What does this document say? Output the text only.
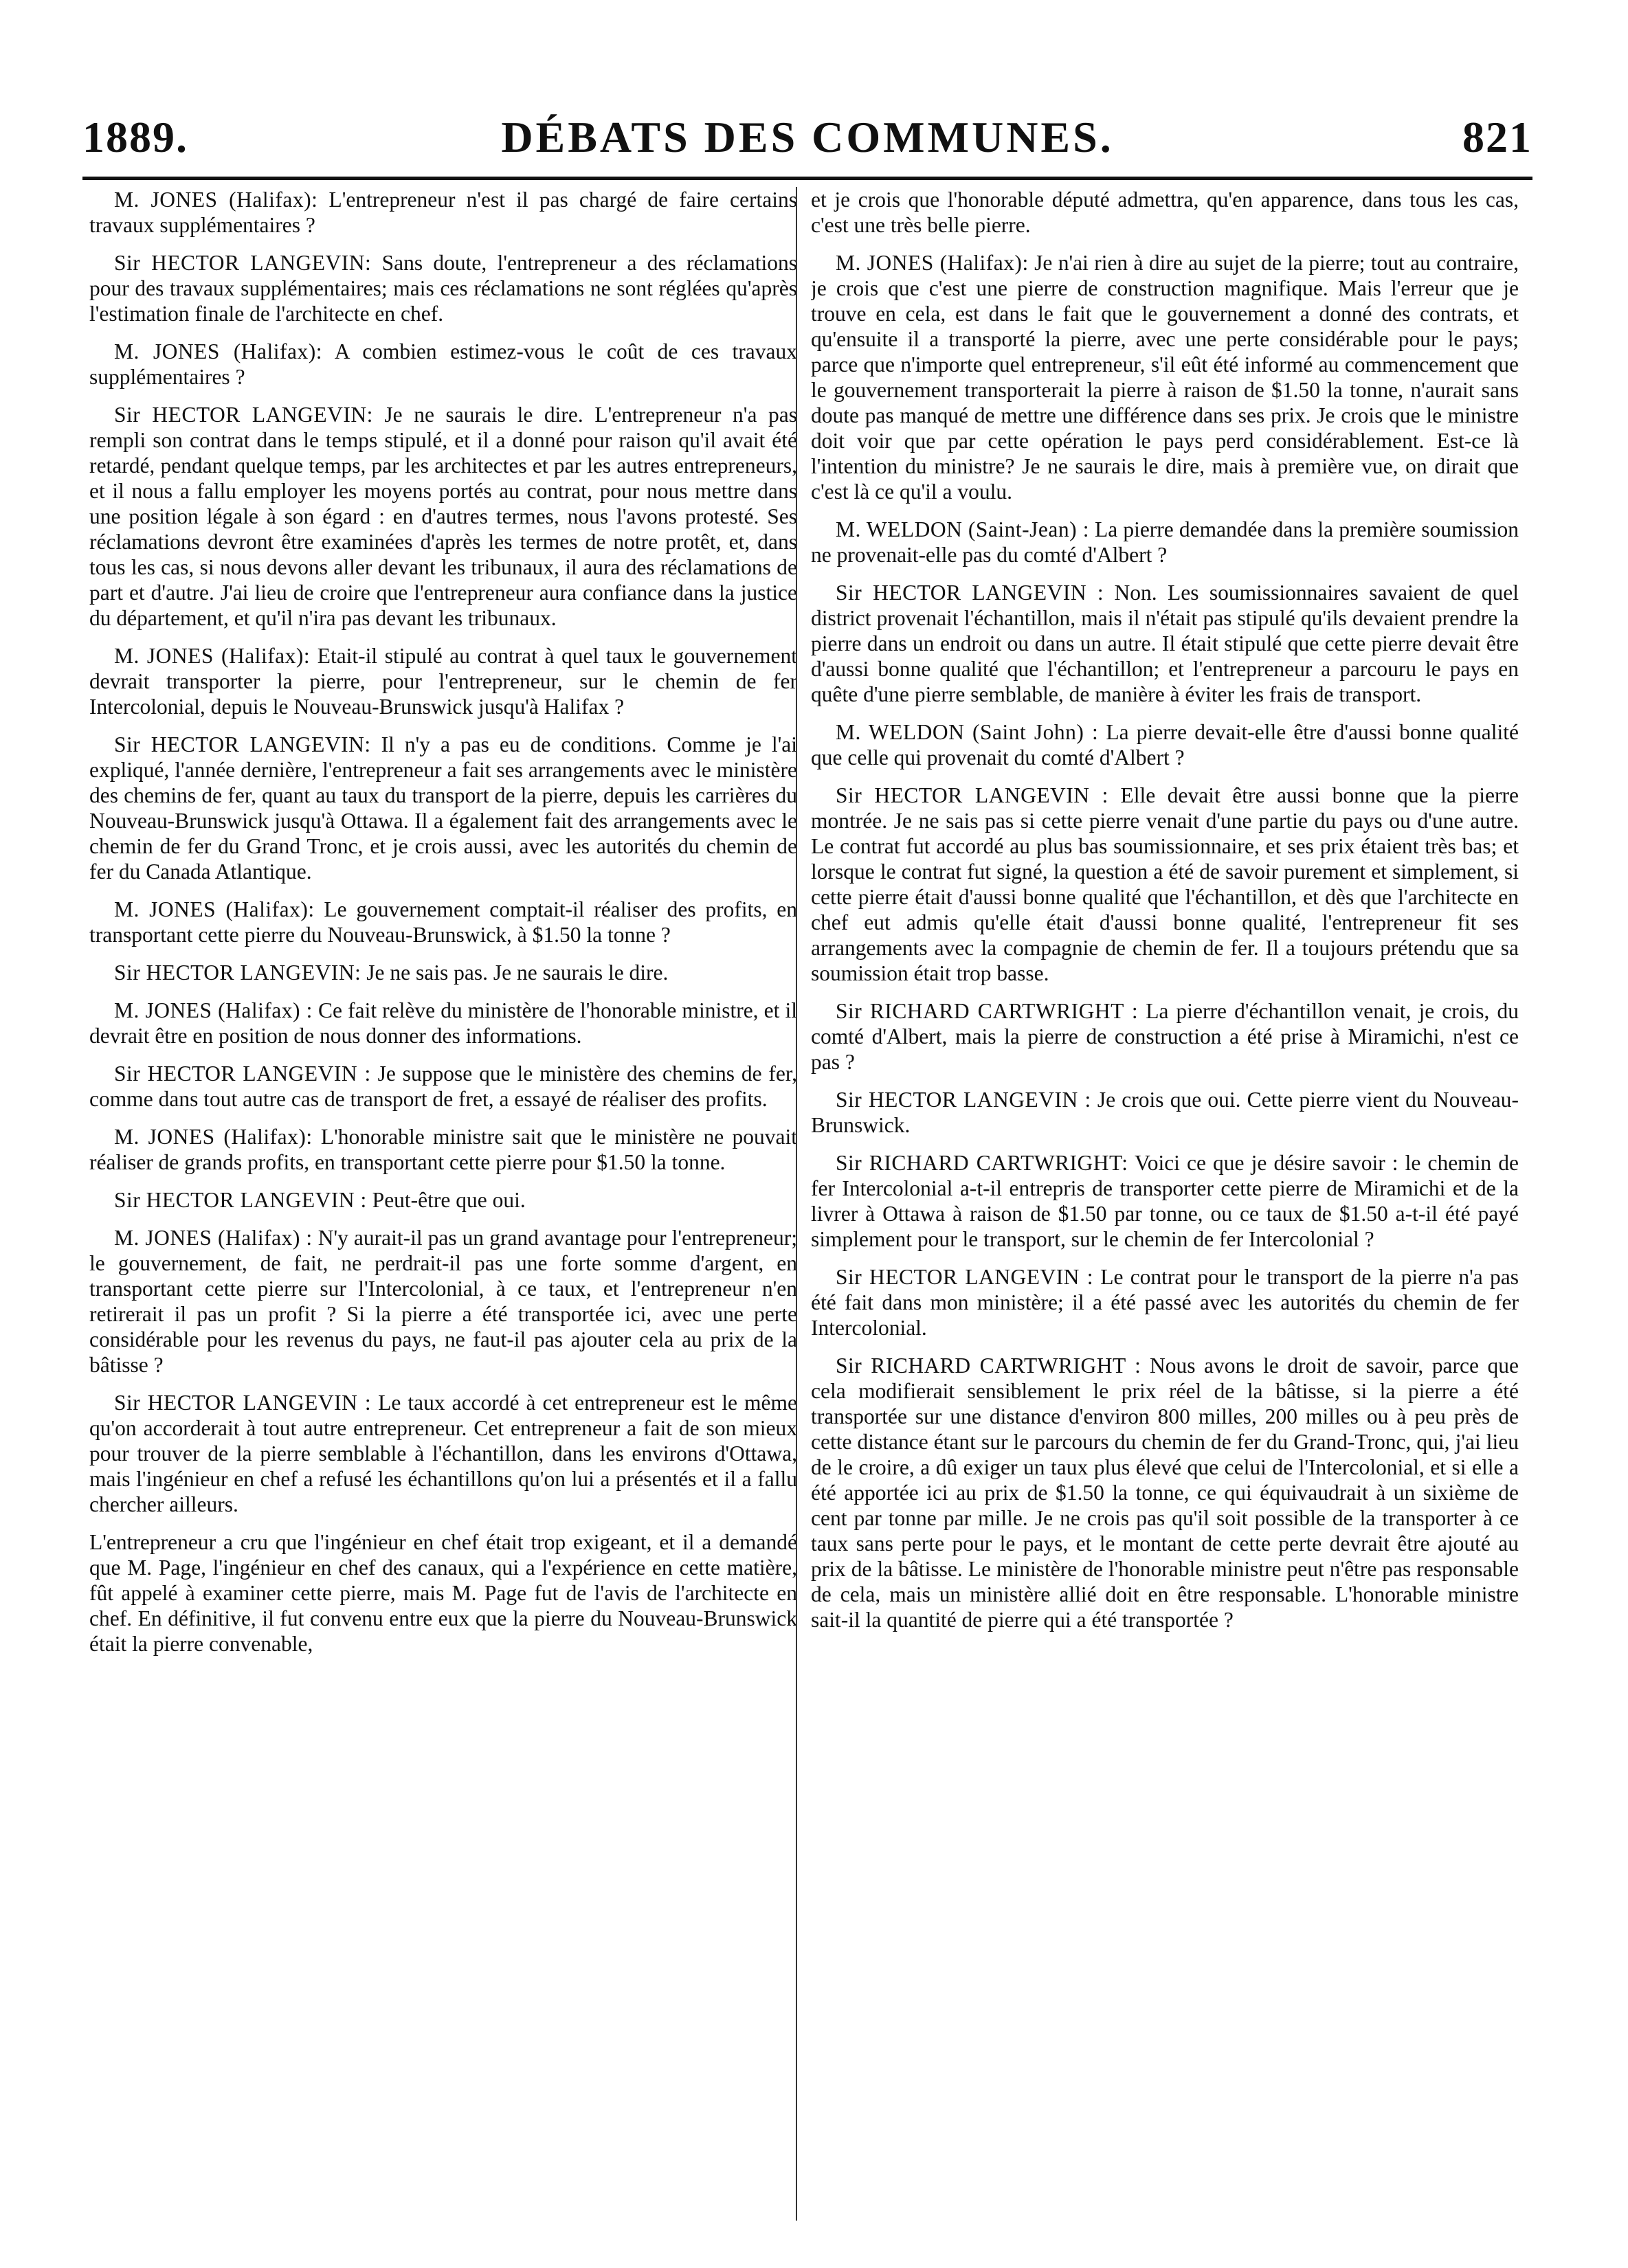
DÉBATS DES COMMUNES.
1889.	821

M. JONES (Halifax): L'entrepreneur n'est il pas chargé de faire certains travaux supplémentaires ?

Sir HECTOR LANGEVIN: Sans doute, l'entrepreneur a des réclamations pour des travaux supplémentaires; mais ces réclamations ne sont réglées qu'après l'estimation finale de l'architecte en chef.

M. JONES (Halifax): A combien estimez-vous le coût de ces travaux supplémentaires ?

Sir HECTOR LANGEVIN: Je ne saurais le dire. L'entrepreneur n'a pas rempli son contrat dans le temps stipulé, et il a donné pour raison qu'il avait été retardé, pendant quelque temps, par les architectes et par les autres entrepreneurs, et il nous a fallu employer les moyens portés au contrat, pour nous mettre dans une position légale à son égard : en d'autres termes, nous l'avons protesté. Ses réclamations devront être examinées d'après les termes de notre protêt, et, dans tous les cas, si nous devons aller devant les tribunaux, il aura des réclamations de part et d'autre. J'ai lieu de croire que l'entrepreneur aura confiance dans la justice du département, et qu'il n'ira pas devant les tribunaux.

M. JONES (Halifax): Etait-il stipulé au contrat à quel taux le gouvernement devrait transporter la pierre, pour l'entrepreneur, sur le chemin de fer Intercolonial, depuis le Nouveau-Brunswick jusqu'à Halifax ?

Sir HECTOR LANGEVIN: Il n'y a pas eu de conditions. Comme je l'ai expliqué, l'année dernière, l'entrepreneur a fait ses arrangements avec le ministère des chemins de fer, quant au taux du transport de la pierre, depuis les carrières du Nouveau-Brunswick jusqu'à Ottawa. Il a également fait des arrangements avec le chemin de fer du Grand Tronc, et je crois aussi, avec les autorités du chemin de fer du Canada Atlantique.

M. JONES (Halifax): Le gouvernement comptait-il réaliser des profits, en transportant cette pierre du Nouveau-Brunswick, à $1.50 la tonne ?

Sir HECTOR LANGEVIN: Je ne sais pas. Je ne saurais le dire.

M. JONES (Halifax) : Ce fait relève du ministère de l'honorable ministre, et il devrait être en position de nous donner des informations.

Sir HECTOR LANGEVIN : Je suppose que le ministère des chemins de fer, comme dans tout autre cas de transport de fret, a essayé de réaliser des profits.

M. JONES (Halifax): L'honorable ministre sait que le ministère ne pouvait réaliser de grands profits, en transportant cette pierre pour $1.50 la tonne.

Sir HECTOR LANGEVIN : Peut-être que oui.

M. JONES (Halifax) : N'y aurait-il pas un grand avantage pour l'entrepreneur; le gouvernement, de fait, ne perdrait-il pas une forte somme d'argent, en transportant cette pierre sur l'Intercolonial, à ce taux, et l'entrepreneur n'en retirerait il pas un profit ? Si la pierre a été transportée ici, avec une perte considérable pour les revenus du pays, ne faut-il pas ajouter cela au prix de la bâtisse ?

Sir HECTOR LANGEVIN : Le taux accordé à cet entrepreneur est le même qu'on accorderait à tout autre entrepreneur. Cet entrepreneur a fait de son mieux pour trouver de la pierre semblable à l'échantillon, dans les environs d'Ottawa, mais l'ingénieur en chef a refusé les échantillons qu'on lui a présentés et il a fallu chercher ailleurs.

L'entrepreneur a cru que l'ingénieur en chef était trop exigeant, et il a demandé que M. Page, l'ingénieur en chef des canaux, qui a l'expérience en cette matière, fût appelé à examiner cette pierre, mais M. Page fut de l'avis de l'architecte en chef. En définitive, il fut convenu entre eux que la pierre du Nouveau-Brunswick était la pierre convenable,

et je crois que l'honorable député admettra, qu'en apparence, dans tous les cas, c'est une très belle pierre.

M. JONES (Halifax): Je n'ai rien à dire au sujet de la pierre; tout au contraire, je crois que c'est une pierre de construction magnifique. Mais l'erreur que je trouve en cela, est dans le fait que le gouvernement a donné des contrats, et qu'ensuite il a transporté la pierre, avec une perte considérable pour le pays; parce que n'importe quel entrepreneur, s'il eût été informé au commencement que le gouvernement transporterait la pierre à raison de $1.50 la tonne, n'aurait sans doute pas manqué de mettre une différence dans ses prix. Je crois que le ministre doit voir que par cette opération le pays perd considérablement. Est-ce là l'intention du ministre? Je ne saurais le dire, mais à première vue, on dirait que c'est là ce qu'il a voulu.

M. WELDON (Saint-Jean) : La pierre demandée dans la première soumission ne provenait-elle pas du comté d'Albert ?

Sir HECTOR LANGEVIN : Non. Les soumissionnaires savaient de quel district provenait l'échantillon, mais il n'était pas stipulé qu'ils devaient prendre la pierre dans un endroit ou dans un autre. Il était stipulé que cette pierre devait être d'aussi bonne qualité que l'échantillon; et l'entrepreneur a parcouru le pays en quête d'une pierre semblable, de manière à éviter les frais de transport.

M. WELDON (Saint John) : La pierre devait-elle être d'aussi bonne qualité que celle qui provenait du comté d'Albert ?

Sir HECTOR LANGEVIN : Elle devait être aussi bonne que la pierre montrée. Je ne sais pas si cette pierre venait d'une partie du pays ou d'une autre. Le contrat fut accordé au plus bas soumissionnaire, et ses prix étaient très bas; et lorsque le contrat fut signé, la question a été de savoir purement et simplement, si cette pierre était d'aussi bonne qualité que l'échantillon, et dès que l'architecte en chef eut admis qu'elle était d'aussi bonne qualité, l'entrepreneur fit ses arrangements avec la compagnie de chemin de fer. Il a toujours prétendu que sa soumission était trop basse.

Sir RICHARD CARTWRIGHT : La pierre d'échantillon venait, je crois, du comté d'Albert, mais la pierre de construction a été prise à Miramichi, n'est ce pas ?

Sir HECTOR LANGEVIN : Je crois que oui. Cette pierre vient du Nouveau-Brunswick.

Sir RICHARD CARTWRIGHT: Voici ce que je désire savoir : le chemin de fer Intercolonial a-t-il entrepris de transporter cette pierre de Miramichi et de la livrer à Ottawa à raison de $1.50 par tonne, ou ce taux de $1.50 a-t-il été payé simplement pour le transport, sur le chemin de fer Intercolonial ?

Sir HECTOR LANGEVIN : Le contrat pour le transport de la pierre n'a pas été fait dans mon ministère; il a été passé avec les autorités du chemin de fer Intercolonial.

Sir RICHARD CARTWRIGHT : Nous avons le droit de savoir, parce que cela modifierait sensiblement le prix réel de la bâtisse, si la pierre a été transportée sur une distance d'environ 800 milles, 200 milles ou à peu près de cette distance étant sur le parcours du chemin de fer du Grand-Tronc, qui, j'ai lieu de le croire, a dû exiger un taux plus élevé que celui de l'Intercolonial, et si elle a été apportée ici au prix de $1.50 la tonne, ce qui équivaudrait à un sixième de cent par tonne par mille. Je ne crois pas qu'il soit possible de la transporter à ce taux sans perte pour le pays, et le montant de cette perte devrait être ajouté au prix de la bâtisse. Le ministère de l'honorable ministre peut n'être pas responsable de cela, mais un ministère allié doit en être responsable. L'honorable ministre sait-il la quantité de pierre qui a été transportée ?
